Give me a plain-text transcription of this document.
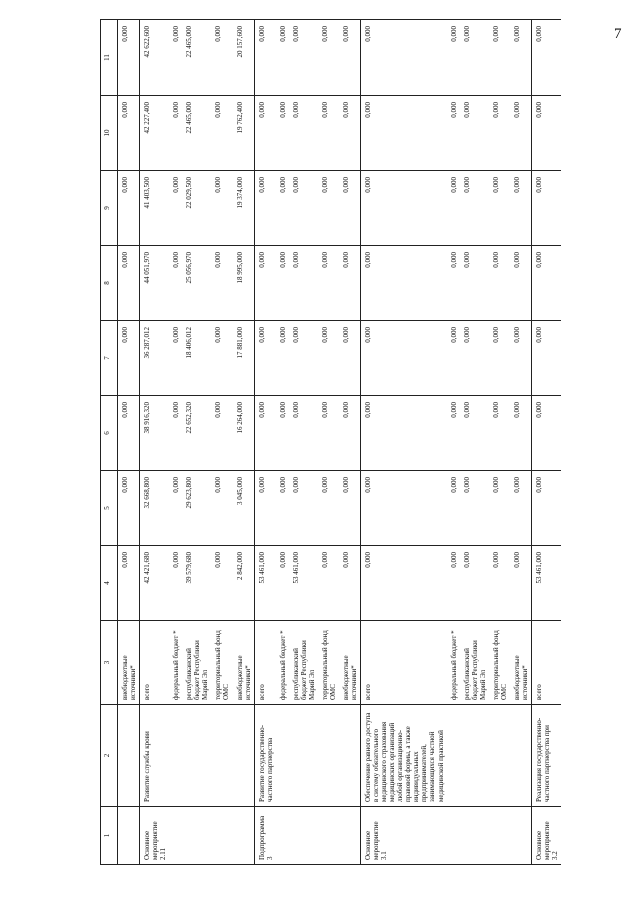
7
1	2	3	4	5	6	7	8	9	10	11
		внебюджетные источники*	0,000	0,000	0,000	0,000	0,000	0,000	0,000	0,000
Основное мероприятие 2.11	Развитие службы крови	всего	42 421,680	32 668,800	38 916,320	36 287,012	44 051,970	41 403,500	42 227,400	42 622,600
		федеральный бюджет *	0,000	0,000	0,000	0,000	0,000	0,000	0,000	0,000
		республиканский бюджет Республики Марий Эл	39 579,680	29 623,800	22 652,320	18 406,012	25 056,970	22 029,500	22 465,000	22 465,000
		территориальный фонд ОМС	0,000	0,000	0,000	0,000	0,000	0,000	0,000	0,000
		внебюджетные источники*	2 842,000	3 045,000	16 264,000	17 881,000	18 995,000	19 374,000	19 762,400	20 157,600
Подпрограмма 3	Развитие государственно-частного партнерства	всего	53 461,000	0,000	0,000	0,000	0,000	0,000	0,000	0,000
		федеральный бюджет *	0,000	0,000	0,000	0,000	0,000	0,000	0,000	0,000
		республиканский бюджет Республики Марий Эл	53 461,000	0,000	0,000	0,000	0,000	0,000	0,000	0,000
		территориальный фонд ОМС	0,000	0,000	0,000	0,000	0,000	0,000	0,000	0,000
		внебюджетные источники*	0,000	0,000	0,000	0,000	0,000	0,000	0,000	0,000
Основное мероприятие 3.1	Обеспечение равного доступа в систему обязательного медицинского страхования медицинских организаций любой организационно-правовой формы, а также индивидуальных предпринимателей, занимающихся частной медицинской практикой	всего	0,000	0,000	0,000	0,000	0,000	0,000	0,000	0,000
		федеральный бюджет *	0,000	0,000	0,000	0,000	0,000	0,000	0,000	0,000
		республиканский бюджет Республики Марий Эл	0,000	0,000	0,000	0,000	0,000	0,000	0,000	0,000
		территориальный фонд ОМС	0,000	0,000	0,000	0,000	0,000	0,000	0,000	0,000
		внебюджетные источники*	0,000	0,000	0,000	0,000	0,000	0,000	0,000	0,000
Основное мероприятие 3.2	Реализация государственно-частного партнерства при	всего	53 461,000	0,000	0,000	0,000	0,000	0,000	0,000	0,000
